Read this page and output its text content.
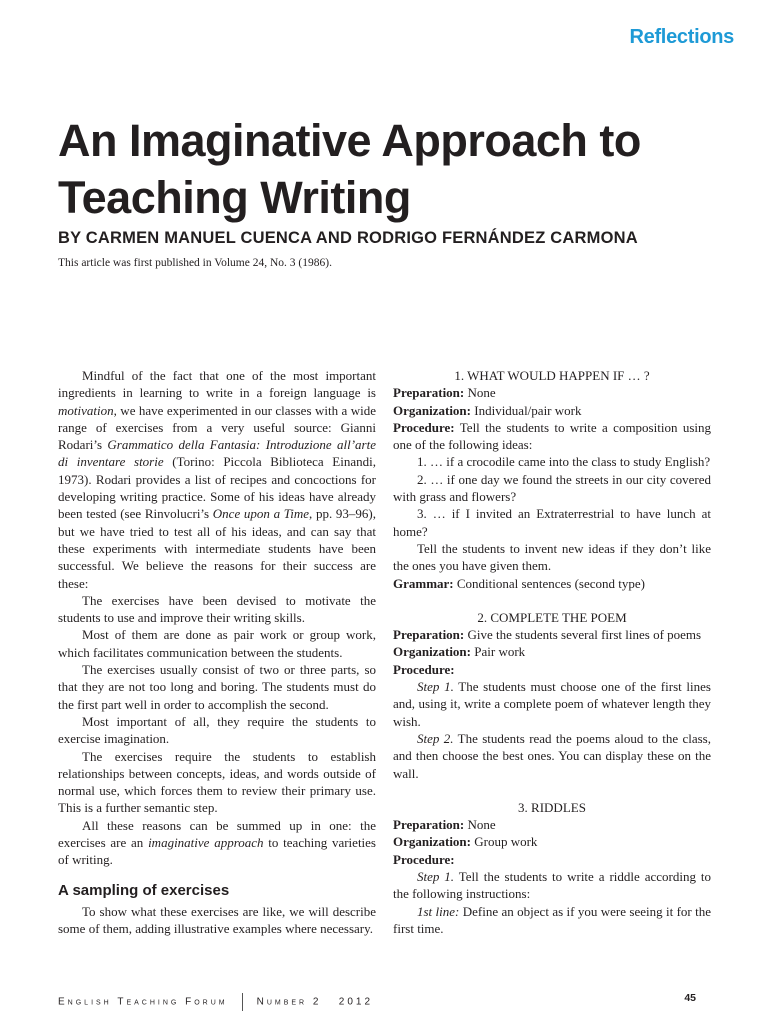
Reflections
An Imaginative Approach to
Teaching Writing

BY CARMEN MANUEL CUENCA AND RODRIGO FERNÁNDEZ CARMONA

This article was first published in Volume 24, No. 3 (1986).

Mindful of the fact that one of the most important ingredients in learning to write in a foreign language is motivation, we have experimented in our classes with a wide range of exercises from a very useful source: Gianni Rodari’s Grammatico della Fantasia: Introduzione all’arte di inventare storie (Torino: Piccola Biblioteca Einandi, 1973). Rodari provides a list of recipes and concoctions for developing writing practice. Some of his ideas have already been tested (see Rinvolucri’s Once upon a Time, pp. 93–96), but we have tried to test all of his ideas, and can say that these experiments with intermediate students have been successful. We believe the reasons for their success are these:

The exercises have been devised to motivate the students to use and improve their writing skills.

Most of them are done as pair work or group work, which facilitates communication between the students.

The exercises usually consist of two or three parts, so that they are not too long and boring. The students must do the first part well in order to accomplish the second.

Most important of all, they require the students to exercise imagination.

The exercises require the students to establish relationships between concepts, ideas, and words outside of normal use, which forces them to review their primary use. This is a further semantic step.

All these reasons can be summed up in one: the exercises are an imaginative approach to teaching varieties of writing.

A sampling of exercises

To show what these exercises are like, we will describe some of them, adding illustrative examples where necessary.

1. WHAT WOULD HAPPEN IF … ?

Preparation: None

Organization: Individual/pair work

Procedure: Tell the students to write a composition using one of the following ideas:

1. … if a crocodile came into the class to study English?

2. … if one day we found the streets in our city covered with grass and flowers?

3. … if I invited an Extraterrestrial to have lunch at home?

Tell the students to invent new ideas if they don’t like the ones you have given them.

Grammar: Conditional sentences (second type)

2. COMPLETE THE POEM

Preparation: Give the students several first lines of poems

Organization: Pair work

Procedure:

Step 1. The students must choose one of the first lines and, using it, write a complete poem of whatever length they wish.

Step 2. The students read the poems aloud to the class, and then choose the best ones. You can display these on the wall.

3. RIDDLES

Preparation: None

Organization: Group work

Procedure:

Step 1. Tell the students to write a riddle according to the following instructions:

1st line: Define an object as if you were seeing it for the first time.

English Teaching Forum	Number 2 2012	45
